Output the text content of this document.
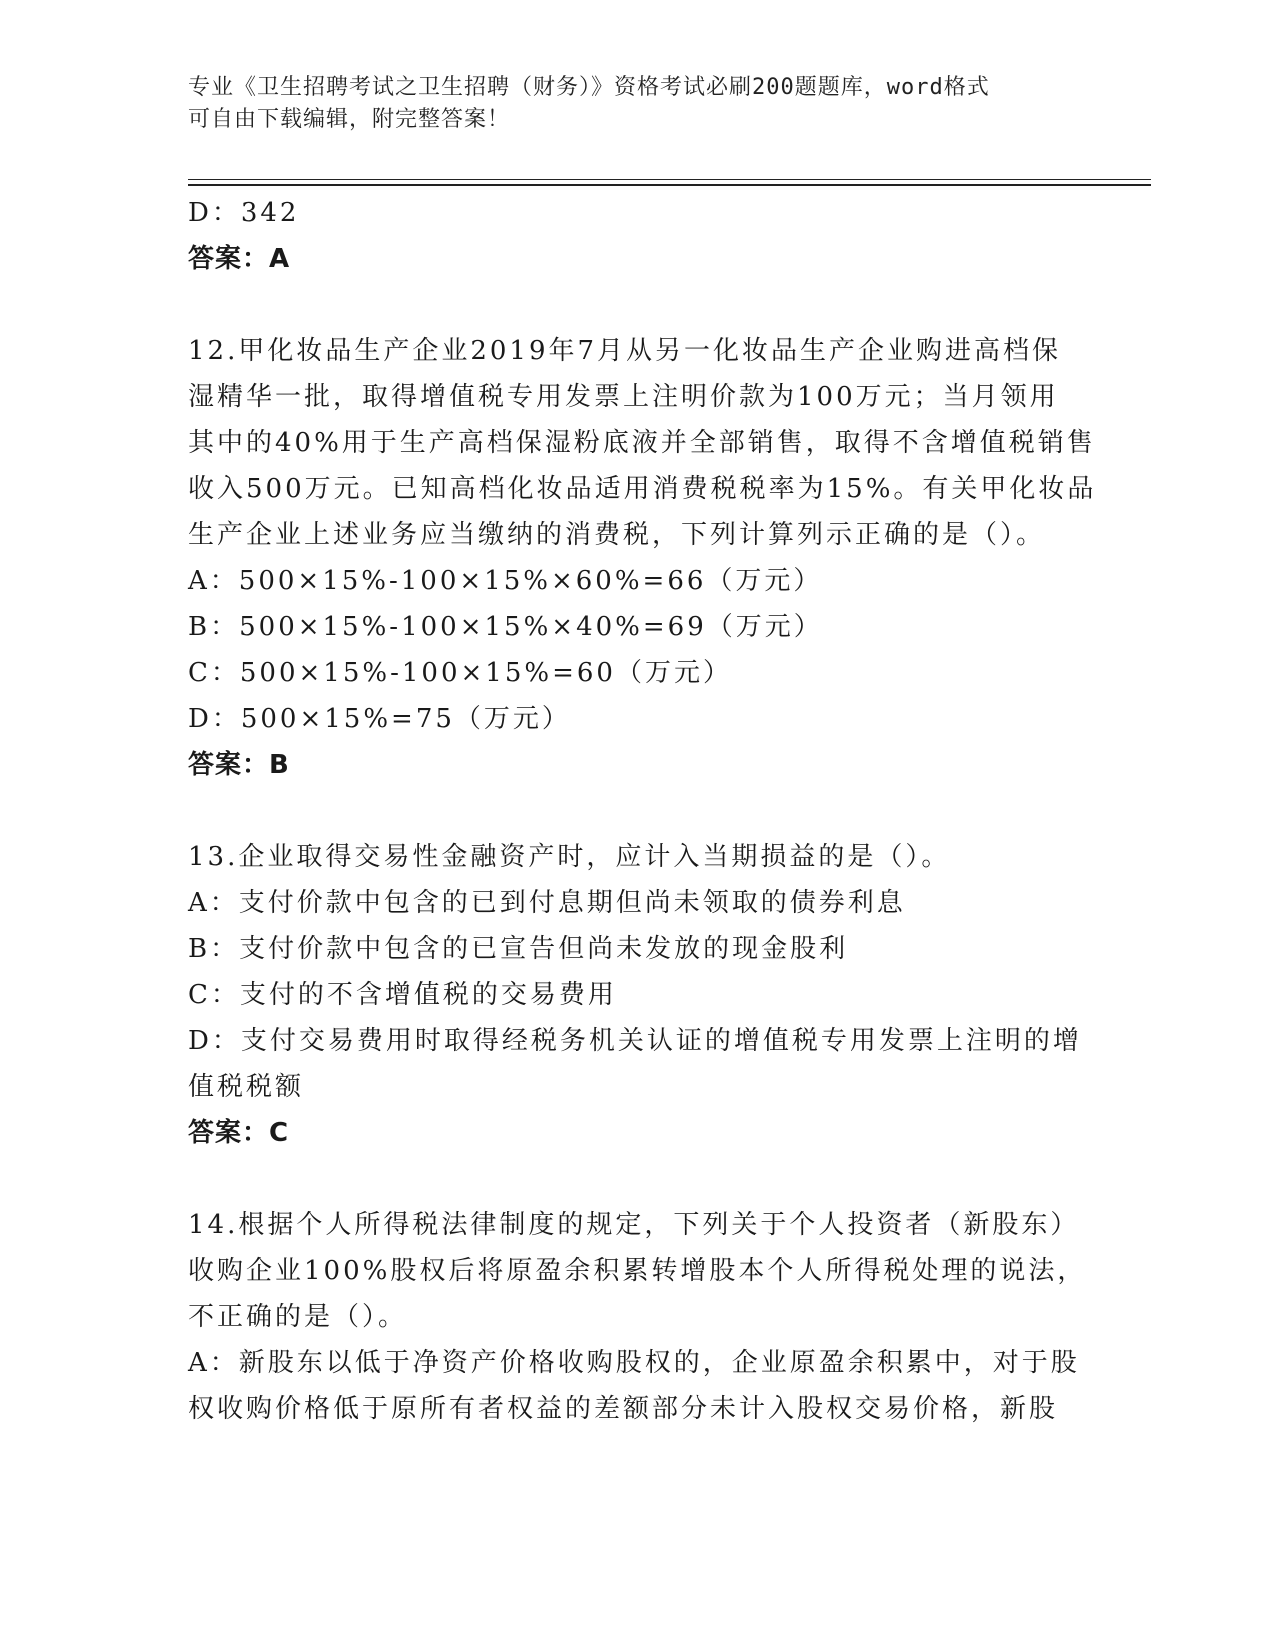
专业《卫生招聘考试之卫生招聘（财务）》资格考试必刷200题题库，word格式
可自由下载编辑，附完整答案！
D：342
答案：A
12.甲化妆品生产企业2019年7月从另一化妆品生产企业购进高档保
湿精华一批，取得增值税专用发票上注明价款为100万元；当月领用
其中的40%用于生产高档保湿粉底液并全部销售，取得不含增值税销售
收入500万元。已知高档化妆品适用消费税税率为15%。有关甲化妆品
生产企业上述业务应当缴纳的消费税，下列计算列示正确的是（）。
A：500×15%-100×15%×60%=66（万元）
B：500×15%-100×15%×40%=69（万元）
C：500×15%-100×15%=60（万元）
D：500×15%=75（万元）
答案：B
13.企业取得交易性金融资产时，应计入当期损益的是（）。
A：支付价款中包含的已到付息期但尚未领取的债券利息
B：支付价款中包含的已宣告但尚未发放的现金股利
C：支付的不含增值税的交易费用
D：支付交易费用时取得经税务机关认证的增值税专用发票上注明的增
值税税额
答案：C
14.根据个人所得税法律制度的规定，下列关于个人投资者（新股东）
收购企业100%股权后将原盈余积累转增股本个人所得税处理的说法，
不正确的是（）。
A：新股东以低于净资产价格收购股权的，企业原盈余积累中，对于股
权收购价格低于原所有者权益的差额部分未计入股权交易价格，新股
